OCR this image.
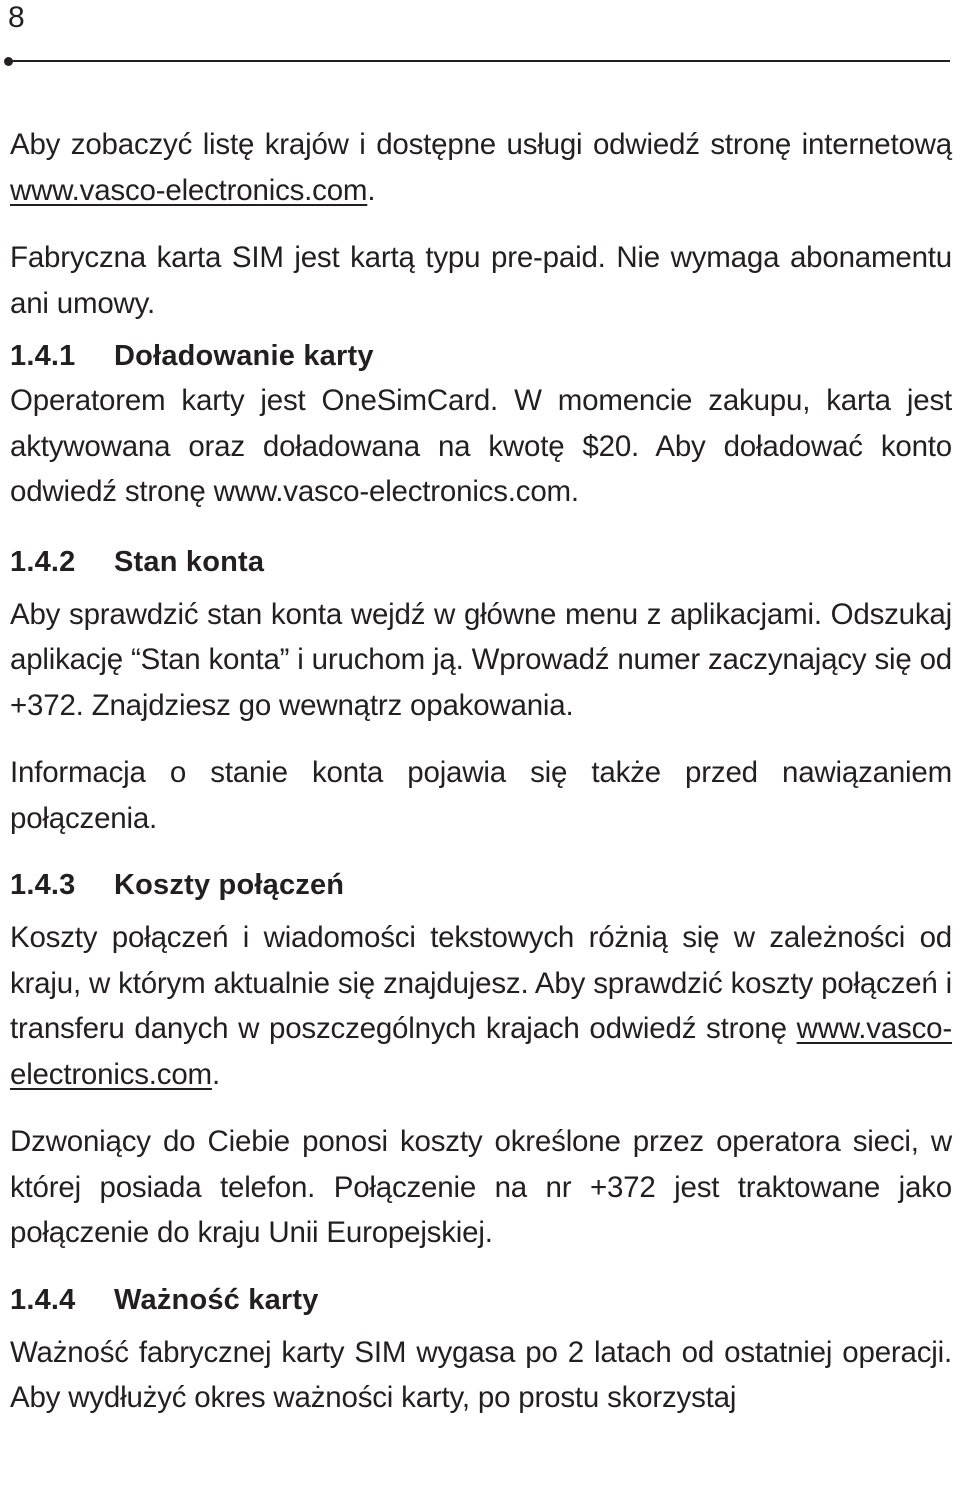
8

Aby zobaczyć listę krajów i dostępne usługi odwiedź stronę internetową www.vasco-electronics.com.

Fabryczna karta SIM jest kartą typu pre-paid. Nie wymaga abonamentu ani umowy.

1.4.1 Doładowanie karty

Operatorem karty jest OneSimCard. W momencie zakupu, karta jest aktywowana oraz doładowana na kwotę $20. Aby doładować konto odwiedź stronę www.vasco-electronics.com.

1.4.2 Stan konta

Aby sprawdzić stan konta wejdź w główne menu z aplikacjami. Odszukaj aplikację “Stan konta” i uruchom ją. Wprowadź numer zaczynający się od +372. Znajdziesz go wewnątrz opakowania.

Informacja o stanie konta pojawia się także przed nawiązaniem połączenia.

1.4.3 Koszty połączeń

Koszty połączeń i wiadomości tekstowych różnią się w zależności od kraju, w którym aktualnie się znajdujesz. Aby sprawdzić koszty połączeń i transferu danych w poszczególnych krajach odwiedź stronę www.vasco-electronics.com.

Dzwoniący do Ciebie ponosi koszty określone przez operatora sieci, w której posiada telefon. Połączenie na nr +372 jest traktowane jako połączenie do kraju Unii Europejskiej.

1.4.4 Ważność karty

Ważność fabrycznej karty SIM wygasa po 2 latach od ostatniej operacji. Aby wydłużyć okres ważności karty, po prostu skorzystaj
